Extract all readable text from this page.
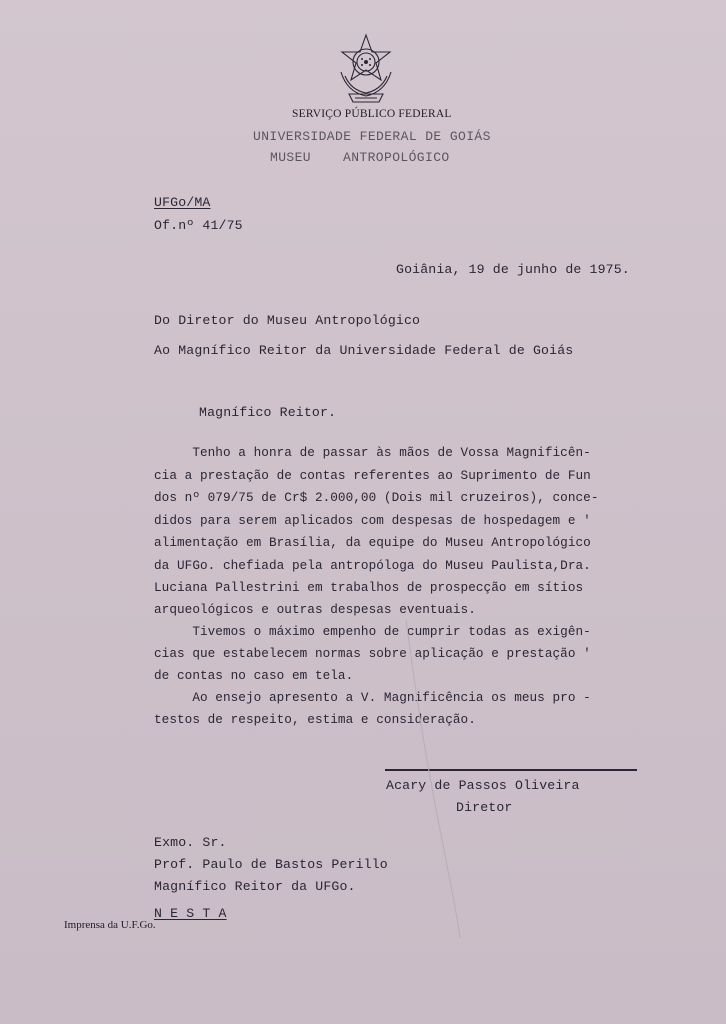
SERVIÇO PÚBLICO FEDERAL
UNIVERSIDADE FEDERAL DE GOIÁS
MUSEU ANTROPOLÓGICO
UFGo/MA
Of.nº 41/75
Goiânia, 19 de junho de 1975.
Do Diretor do Museu Antropológico
Ao Magnífico Reitor da Universidade Federal de Goiás
Magnífico Reitor.
Tenho a honra de passar às mãos de Vossa Magnificên-
cia a prestação de contas referentes ao Suprimento de Fun
dos nº 079/75 de Cr$ 2.000,00 (Dois mil cruzeiros), conce-
didos para serem aplicados com despesas de hospedagem e '
alimentação em Brasília, da equipe do Museu Antropológico
da UFGo. chefiada pela antropóloga do Museu Paulista,Dra.
Luciana Pallestrini em trabalhos de prospecção em sítios
arqueológicos e outras despesas eventuais.
Tivemos o máximo empenho de cumprir todas as exigên-
cias que estabelecem normas sobre aplicação e prestação '
de contas no caso em tela.
Ao ensejo apresento a V. Magnificência os meus pro -
testos de respeito, estima e consideração.
Acary de Passos Oliveira
Diretor
Exmo. Sr.
Prof. Paulo de Bastos Perillo
Magnífico Reitor da UFGo.
N E S T A
Imprensa da U.F.Go.
